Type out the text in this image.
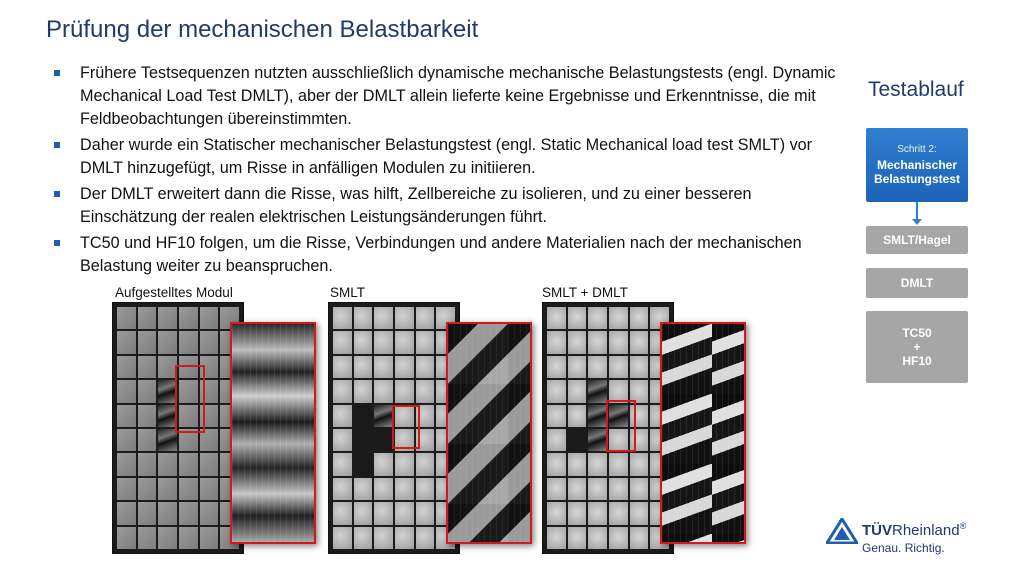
Prüfung der mechanischen Belastbarkeit
Frühere Testsequenzen nutzten ausschließlich dynamische mechanische Belastungstests (engl. Dynamic Mechanical Load Test DMLT), aber der DMLT allein lieferte keine Ergebnisse und Erkenntnisse, die mit Feldbeobachtungen übereinstimmten.
Daher wurde ein Statischer mechanischer Belastungstest (engl. Static Mechanical load test SMLT) vor DMLT hinzugefügt, um Risse in anfälligen Modulen zu initiieren.
Der DMLT erweitert dann die Risse, was hilft, Zellbereiche zu isolieren, und zu einer besseren Einschätzung der realen elektrischen Leistungsänderungen führt.
TC50 und HF10 folgen, um die Risse, Verbindungen und andere Materialien nach der mechanischen Belastung weiter zu beanspruchen.
Aufgestelltes Modul	SMLT	SMLT + DMLT
Testablauf
Schritt 2:
Mechanischer
Belastungstest
SMLT/Hagel
DMLT
TC50
+
HF10
TÜVRheinland®
Genau. Richtig.
